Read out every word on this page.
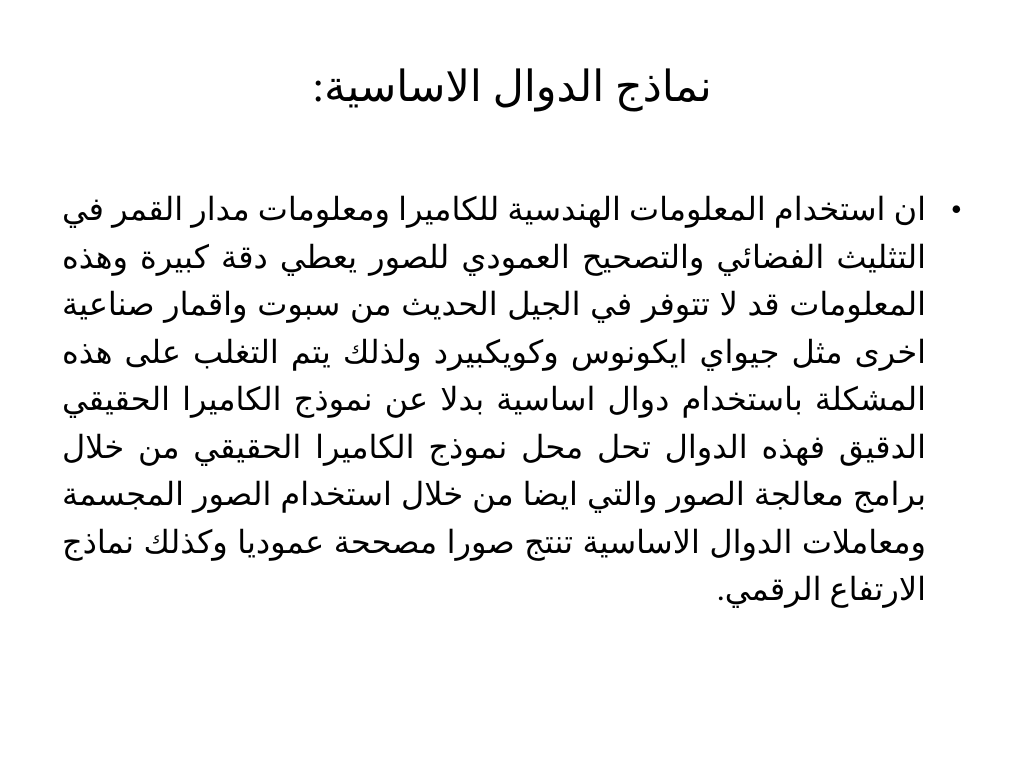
نماذج الدوال الاساسية:
•
ان استخدام المعلومات الهندسية للكاميرا ومعلومات مدار القمر في التثليث الفضائي والتصحيح العمودي للصور يعطي دقة كبيرة وهذه المعلومات قد لا تتوفر في الجيل الحديث من سبوت واقمار صناعية اخرى مثل جيواي ايكونوس وكويكبيرد ولذلك يتم التغلب على هذه المشكلة باستخدام دوال اساسية بدلا عن نموذج الكاميرا الحقيقي الدقيق فهذه الدوال تحل محل نموذج الكاميرا الحقيقي من خلال برامج معالجة الصور والتي ايضا من خلال استخدام الصور المجسمة ومعاملات الدوال الاساسية تنتج صورا مصححة عموديا وكذلك نماذج الارتفاع الرقمي.
